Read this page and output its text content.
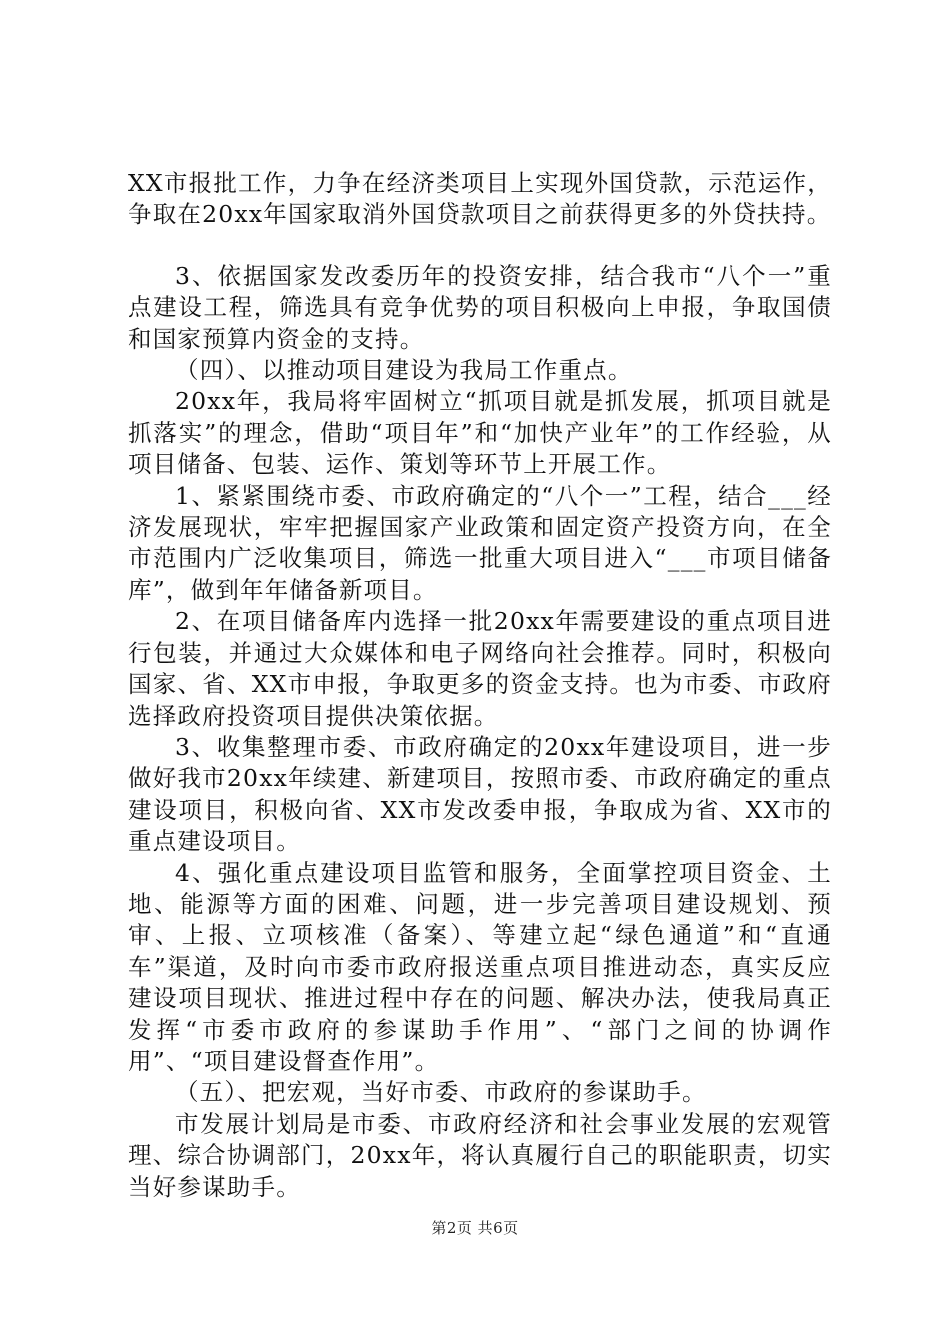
XX市报批工作，力争在经济类项目上实现外国贷款，示范运作，争取在20xx年国家取消外国贷款项目之前获得更多的外贷扶持。

3、依据国家发改委历年的投资安排，结合我市“八个一”重点建设工程，筛选具有竞争优势的项目积极向上申报，争取国债和国家预算内资金的支持。

（四）、以推动项目建设为我局工作重点。

20xx年，我局将牢固树立“抓项目就是抓发展，抓项目就是抓落实”的理念，借助“项目年”和“加快产业年”的工作经验，从项目储备、包装、运作、策划等环节上开展工作。

1、紧紧围绕市委、市政府确定的“八个一”工程，结合___经济发展现状，牢牢把握国家产业政策和固定资产投资方向，在全市范围内广泛收集项目，筛选一批重大项目进入“___市项目储备库”，做到年年储备新项目。

2、在项目储备库内选择一批20xx年需要建设的重点项目进行包装，并通过大众媒体和电子网络向社会推荐。同时，积极向国家、省、XX市申报，争取更多的资金支持。也为市委、市政府选择政府投资项目提供决策依据。

3、收集整理市委、市政府确定的20xx年建设项目，进一步做好我市20xx年续建、新建项目，按照市委、市政府确定的重点建设项目，积极向省、XX市发改委申报，争取成为省、XX市的重点建设项目。

4、强化重点建设项目监管和服务，全面掌控项目资金、土地、能源等方面的困难、问题，进一步完善项目建设规划、预审、上报、立项核准（备案）、等建立起“绿色通道”和“直通车”渠道，及时向市委市政府报送重点项目推进动态，真实反应建设项目现状、推进过程中存在的问题、解决办法，使我局真正发挥“市委市政府的参谋助手作用”、“部门之间的协调作用”、“项目建设督查作用”。

（五）、把宏观，当好市委、市政府的参谋助手。

市发展计划局是市委、市政府经济和社会事业发展的宏观管理、综合协调部门，20xx年，将认真履行自己的职能职责，切实当好参谋助手。

第2页 共6页
